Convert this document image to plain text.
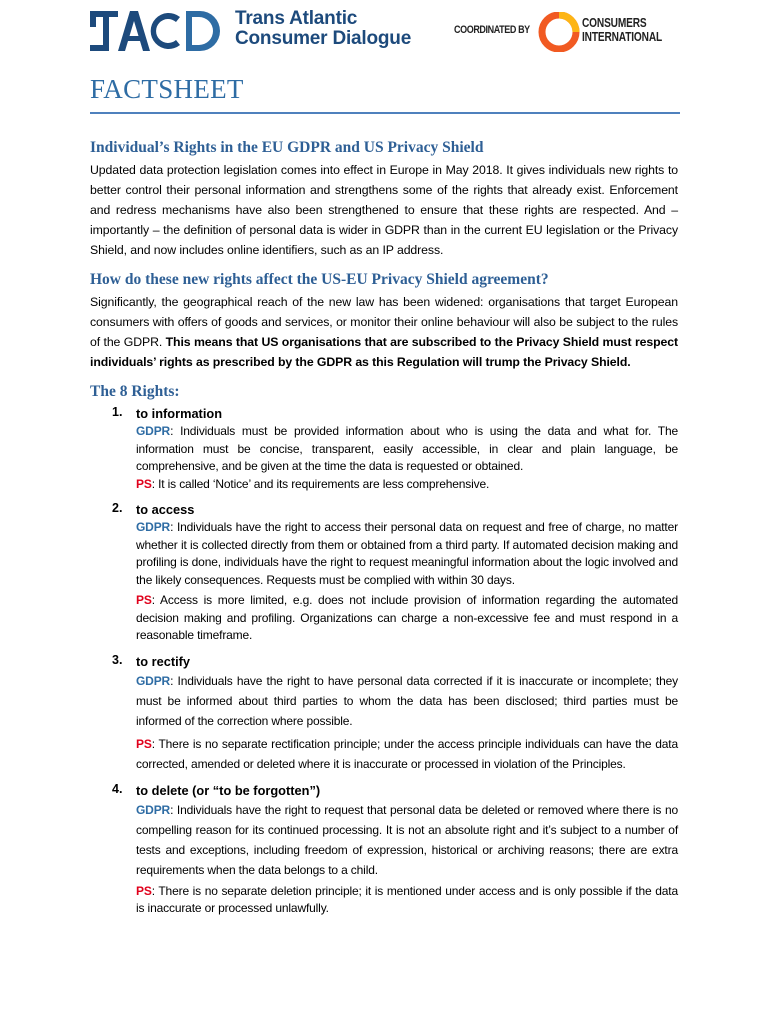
Trans Atlantic
Consumer Dialogue	COORDINATED BY	CONSUMERS
INTERNATIONAL
FACTSHEET
Individual’s Rights in the EU GDPR and US Privacy Shield

Updated data protection legislation comes into effect in Europe in May 2018. It gives individuals new rights to better control their personal information and strengthens some of the rights that already exist. Enforcement and redress mechanisms have also been strengthened to ensure that these rights are respected. And – importantly – the definition of personal data is wider in GDPR than in the current EU legislation or the Privacy Shield, and now includes online identifiers, such as an IP address.

How do these new rights affect the US-EU Privacy Shield agreement?

Significantly, the geographical reach of the new law has been widened: organisations that target European consumers with offers of goods and services, or monitor their online behaviour will also be subject to the rules of the GDPR. This means that US organisations that are subscribed to the Privacy Shield must respect individuals’ rights as prescribed by the GDPR as this Regulation will trump the Privacy Shield.

The 8 Rights:
1. to information

GDPR: Individuals must be provided information about who is using the data and what for. The information must be concise, transparent, easily accessible, in clear and plain language, be comprehensive, and be given at the time the data is requested or obtained.

PS: It is called ‘Notice’ and its requirements are less comprehensive.

2. to access

GDPR: Individuals have the right to access their personal data on request and free of charge, no matter whether it is collected directly from them or obtained from a third party. If automated decision making and profiling is done, individuals have the right to request meaningful information about the logic involved and the likely consequences. Requests must be complied with within 30 days.

PS: Access is more limited, e.g. does not include provision of information regarding the automated decision making and profiling. Organizations can charge a non-excessive fee and must respond in a reasonable timeframe.

3. to rectify

GDPR: Individuals have the right to have personal data corrected if it is inaccurate or incomplete; they must be informed about third parties to whom the data has been disclosed; third parties must be informed of the correction where possible.

PS: There is no separate rectification principle; under the access principle individuals can have the data corrected, amended or deleted where it is inaccurate or processed in violation of the Principles.

4. to delete (or “to be forgotten”)

GDPR: Individuals have the right to request that personal data be deleted or removed where there is no compelling reason for its continued processing. It is not an absolute right and it’s subject to a number of tests and exceptions, including freedom of expression, historical or archiving reasons; there are extra requirements when the data belongs to a child.

PS: There is no separate deletion principle; it is mentioned under access and is only possible if the data is inaccurate or processed unlawfully.
